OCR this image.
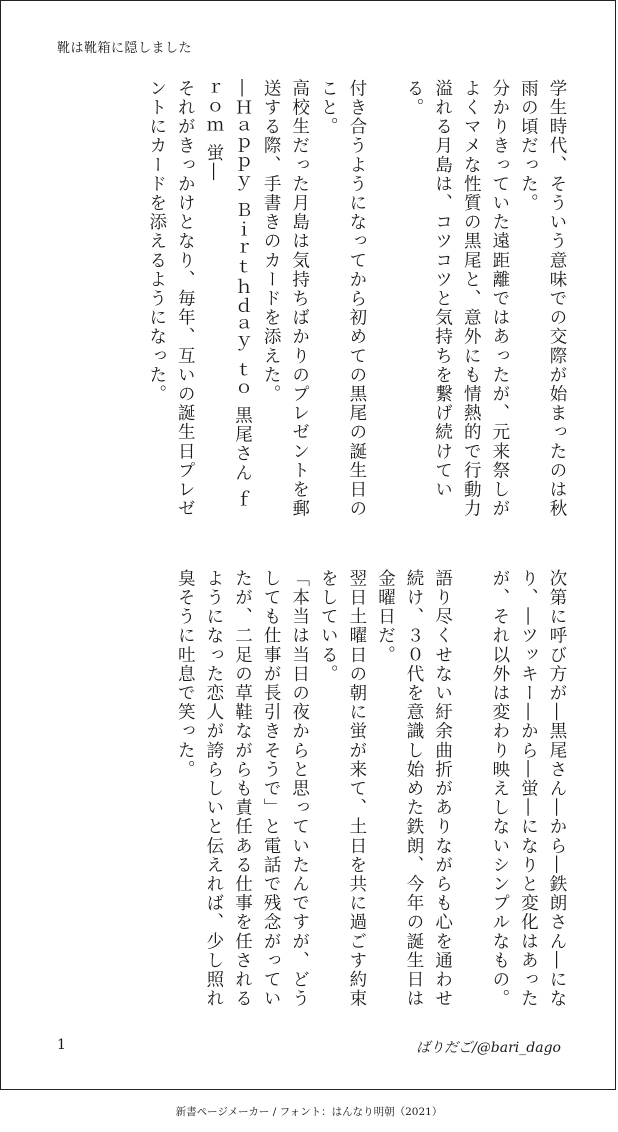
靴は靴箱に隠しました

学生時代、そういう意味での交際が始まったのは秋雨の頃だった。

分かりきっていた遠距離ではあったが、元来祭しがよくマメな性質の黒尾と、意外にも情熱的で行動力溢れる月島は、コツコツと気持ちを繋げ続けている。

付き合うようになってから初めての黒尾の誕生日のこと。

高校生だった月島は気持ちばかりのプレゼントを郵送する際、手書きのカードを添えた。

―Ｈａｐｐｙ Ｂｉｒｔｈｄａｙ ｔｏ 黒尾さん ｆｒｏｍ 蛍―

それがきっかけとなり、毎年、互いの誕生日プレゼントにカードを添えるようになった。

次第に呼び方が―黒尾さん―から―鉄朗さん―になり、―ツッキー―から―蛍―になりと変化はあったが、それ以外は変わり映えしないシンプルなもの。

語り尽くせない紆余曲折がありながらも心を通わせ続け、３０代を意識し始めた鉄朗、今年の誕生日は金曜日だ。

翌日土曜日の朝に蛍が来て、土日を共に過ごす約束をしている。

「本当は当日の夜からと思っていたんですが、どうしても仕事が長引きそうで」と電話で残念がっていたが、二足の草鞋ながらも責任ある仕事を任されるようになった恋人が誇らしいと伝えれば、少し照れ臭そうに吐息で笑った。

1	ばりだご/@bari_dago
新書ページメーカー / フォント：はんなり明朝（2021）
